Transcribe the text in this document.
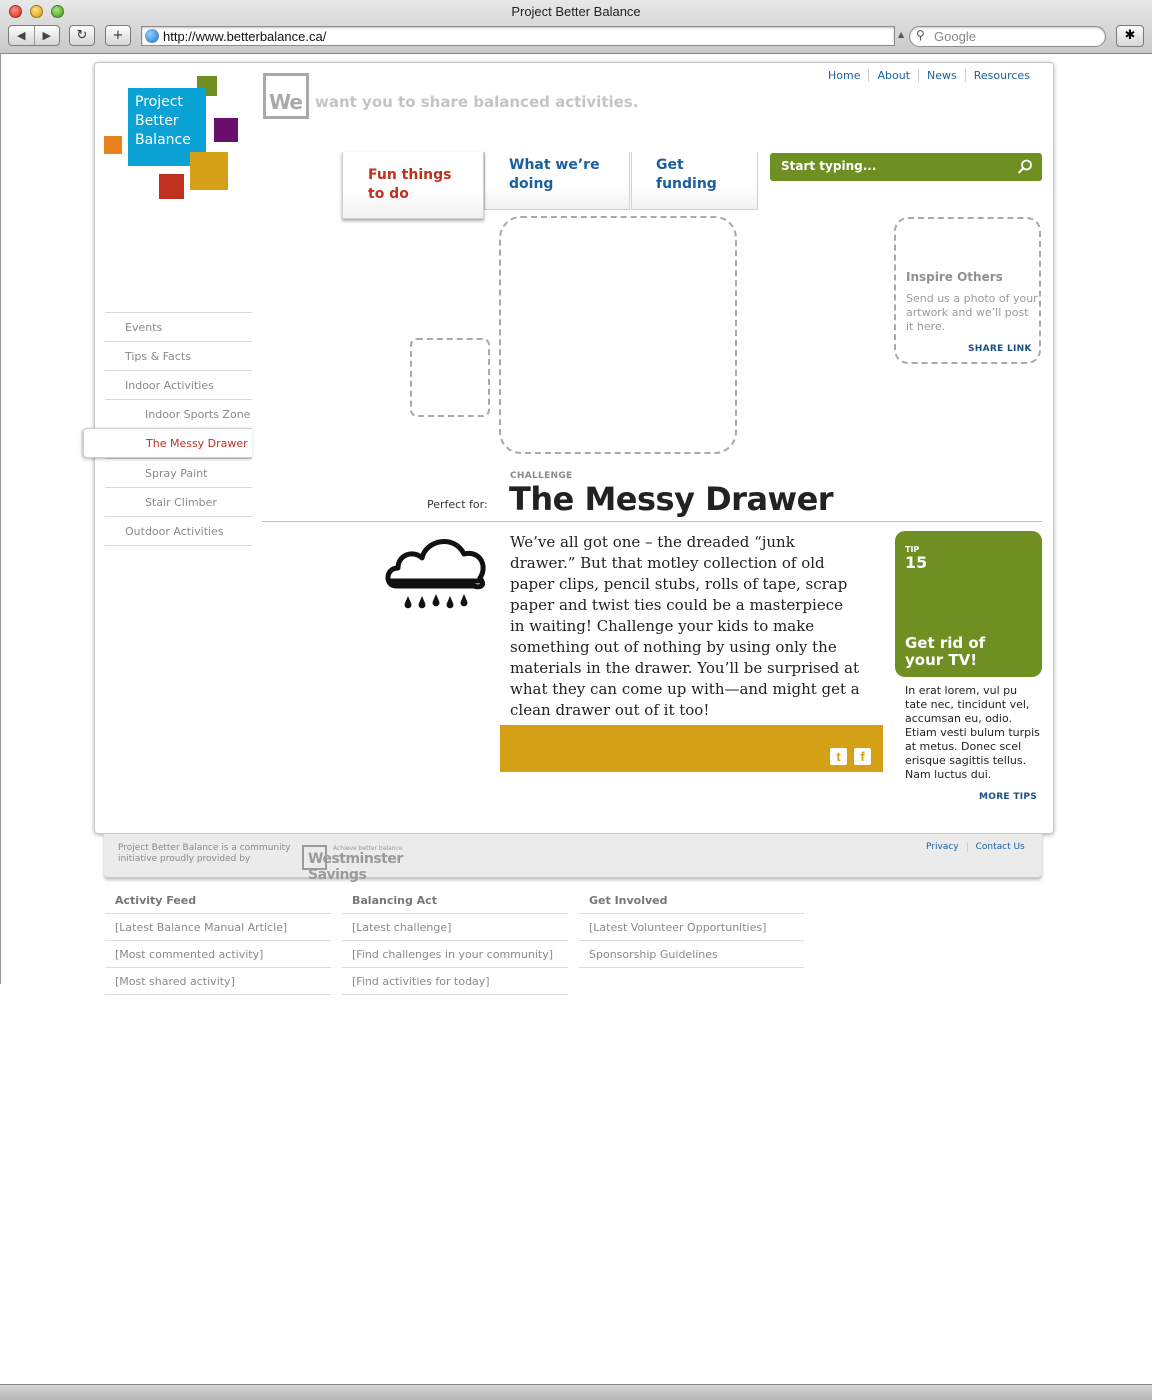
Project Better Balance
◀	▶	↻	+	http://www.betterbalance.ca/	▲ ⚲ Google	✱
Project
Better
Balance
We want you to share balanced activities.
Home	About	News	Resources
What we’re
doing
Get
funding
Fun things
to do
Start typing...
Inspire Others
Send us a photo of your artwork and we’ll post it here.
SHARE LINK
Events
Tips & Facts
Indoor Activities
Indoor Sports Zone
The Messy Drawer
Spray Paint
Stair Climber
Outdoor Activities
CHALLENGE
The Messy Drawer
Perfect for:
We’ve all got one – the dreaded “junk drawer.” But that motley collection of old paper clips, pencil stubs, rolls of tape, scrap paper and twist ties could be a masterpiece in waiting! Challenge your kids to make something out of nothing by using only the materials in the drawer. You’ll be surprised at what they can come up with—and might get a clean drawer out of it too!
t	f
TIP
15
Get rid of your TV!
In erat lorem, vul pu tate nec, tincidunt vel, accumsan eu, odio. Etiam vesti bulum turpis at metus. Donec scel erisque sagittis tellus. Nam luctus dui.
MORE TIPS
Project Better Balance is a community initiative proudly provided by
Achieve better balance
Westminster Savings
Privacy	Contact Us
Activity Feed
[Latest Balance Manual Article]
[Most commented activity]
[Most shared activity]
Balancing Act
[Latest challenge]
[Find challenges in your community]
[Find activities for today]
Get Involved
[Latest Volunteer Opportunities]
Sponsorship Guidelines
